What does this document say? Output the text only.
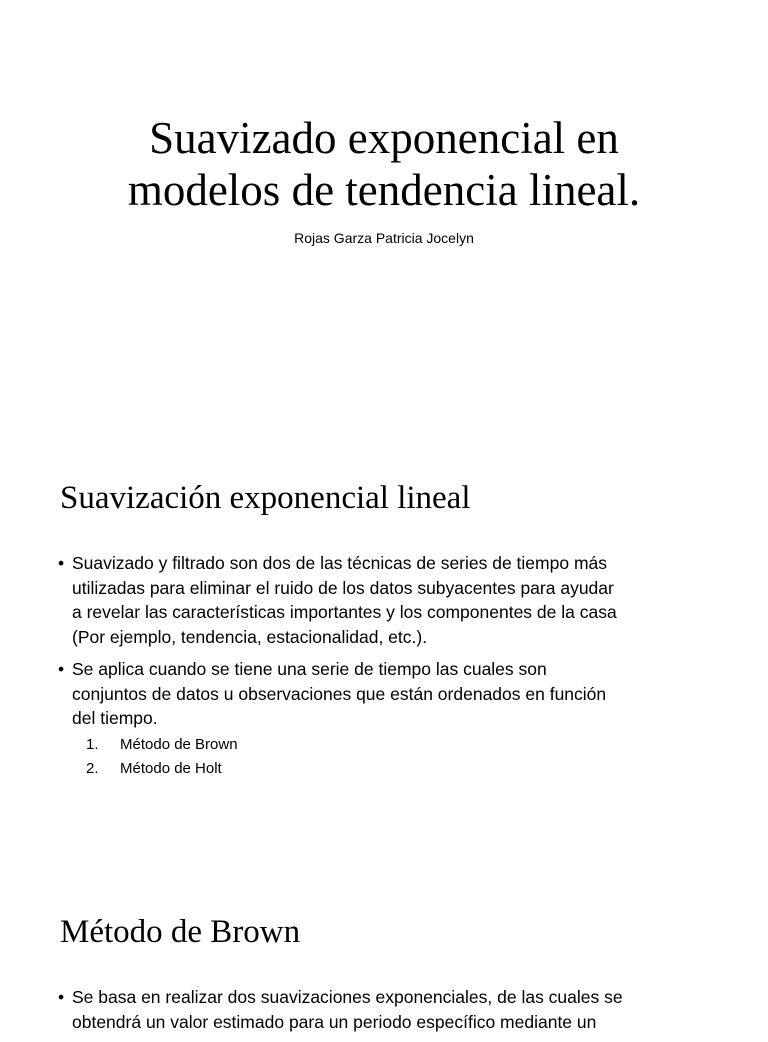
Suavizado exponencial en
modelos de tendencia lineal.
Rojas Garza Patricia Jocelyn
Suavización exponencial lineal
• Suavizado y filtrado son dos de las técnicas de series de tiempo más
utilizadas para eliminar el ruido de los datos subyacentes para ayudar
a revelar las características importantes y los componentes de la casa
(Por ejemplo, tendencia, estacionalidad, etc.).
• Se aplica cuando se tiene una serie de tiempo las cuales son
conjuntos de datos u observaciones que están ordenados en función
del tiempo.
1. Método de Brown
2. Método de Holt
Método de Brown
• Se basa en realizar dos suavizaciones exponenciales, de las cuales se
obtendrá un valor estimado para un periodo específico mediante un
